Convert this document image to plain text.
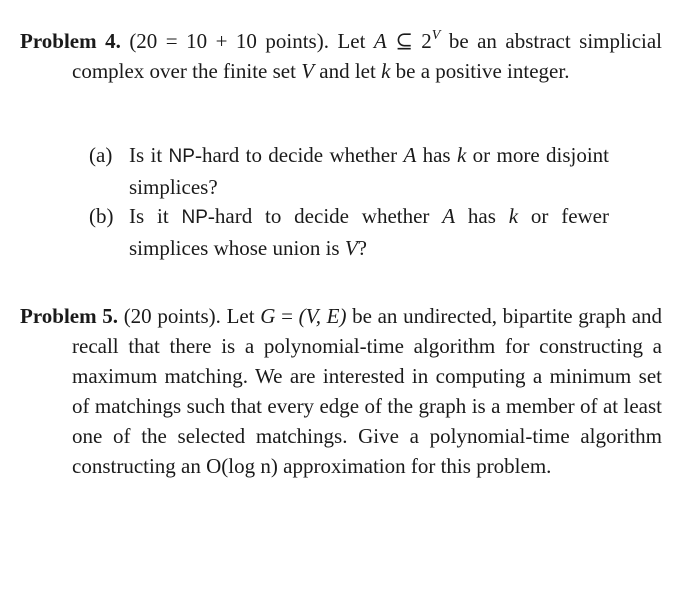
Problem 4. (20 = 10 + 10 points). Let A ⊆ $2^V$ be an abstract simplicial complex over the finite set V and let k be a positive integer.
(a) Is it NP-hard to decide whether A has k or more disjoint simplices?
(b) Is it NP-hard to decide whether A has k or fewer simplices whose union is V?
Problem 5. (20 points). Let G = (V, E) be an undirected, bipartite graph and recall that there is a polynomial-time algorithm for constructing a maximum matching. We are interested in computing a minimum set of matchings such that every edge of the graph is a member of at least one of the selected matchings. Give a polynomial-time algorithm constructing an O(log n) approximation for this problem.
